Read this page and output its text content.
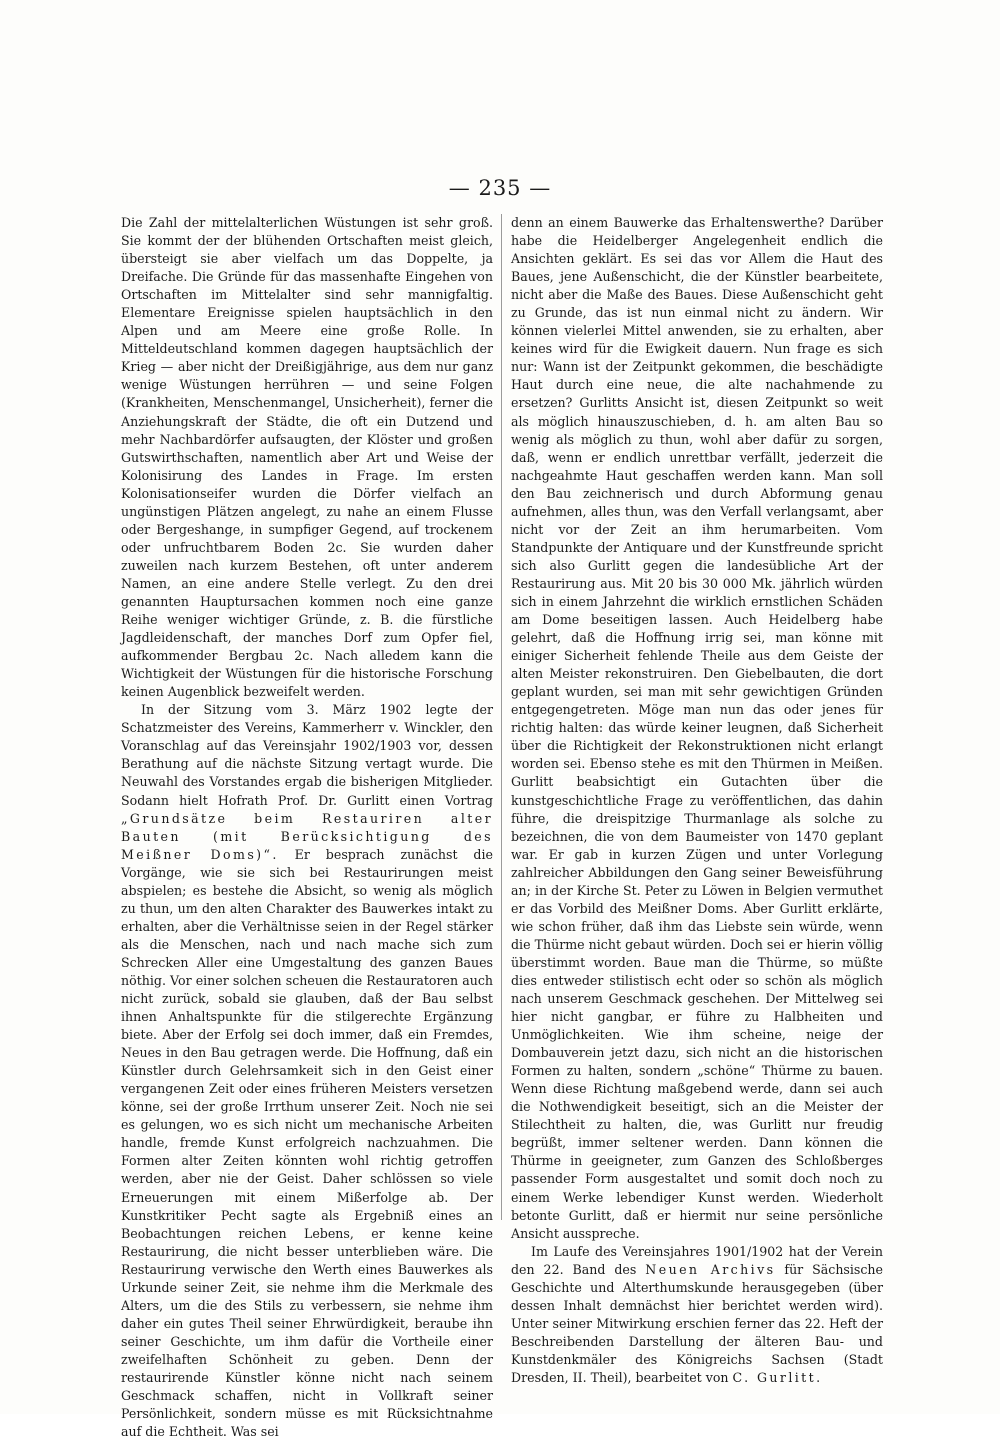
— 235 —

Die Zahl der mittelalterlichen Wüstungen ist sehr groß. Sie kommt der der blühenden Ortschaften meist gleich, übersteigt sie aber vielfach um das Doppelte, ja Dreifache. Die Gründe für das massenhafte Eingehen von Ortschaften im Mittelalter sind sehr mannigfaltig. Elementare Ereignisse spielen hauptsächlich in den Alpen und am Meere eine große Rolle. In Mitteldeutschland kommen dagegen hauptsächlich der Krieg — aber nicht der Dreißigjährige, aus dem nur ganz wenige Wüstungen herrühren — und seine Folgen (Krankheiten, Menschenmangel, Unsicherheit), ferner die Anziehungskraft der Städte, die oft ein Dutzend und mehr Nachbardörfer aufsaugten, der Klöster und großen Gutswirthschaften, namentlich aber Art und Weise der Kolonisirung des Landes in Frage. Im ersten Kolonisationseifer wurden die Dörfer vielfach an ungünstigen Plätzen angelegt, zu nahe an einem Flusse oder Bergeshange, in sumpfiger Gegend, auf trockenem oder unfruchtbarem Boden 2c. Sie wurden daher zuweilen nach kurzem Bestehen, oft unter anderem Namen, an eine andere Stelle verlegt. Zu den drei genannten Hauptursachen kommen noch eine ganze Reihe weniger wichtiger Gründe, z. B. die fürstliche Jagdleidenschaft, der manches Dorf zum Opfer fiel, aufkommender Bergbau 2c. Nach alledem kann die Wichtigkeit der Wüstungen für die historische Forschung keinen Augenblick bezweifelt werden.

In der Sitzung vom 3. März 1902 legte der Schatzmeister des Vereins, Kammerherr v. Winckler, den Voranschlag auf das Vereinsjahr 1902/1903 vor, dessen Berathung auf die nächste Sitzung vertagt wurde. Die Neuwahl des Vorstandes ergab die bisherigen Mitglieder. Sodann hielt Hofrath Prof. Dr. Gurlitt einen Vortrag „Grundsätze beim Restauriren alter Bauten (mit Berücksichtigung des Meißner Doms)“. Er besprach zunächst die Vorgänge, wie sie sich bei Restaurirungen meist abspielen; es bestehe die Absicht, so wenig als möglich zu thun, um den alten Charakter des Bauwerkes intakt zu erhalten, aber die Verhältnisse seien in der Regel stärker als die Menschen, nach und nach mache sich zum Schrecken Aller eine Umgestaltung des ganzen Baues nöthig. Vor einer solchen scheuen die Restauratoren auch nicht zurück, sobald sie glauben, daß der Bau selbst ihnen Anhaltspunkte für die stilgerechte Ergänzung biete. Aber der Erfolg sei doch immer, daß ein Fremdes, Neues in den Bau getragen werde. Die Hoffnung, daß ein Künstler durch Gelehrsamkeit sich in den Geist einer vergangenen Zeit oder eines früheren Meisters versetzen könne, sei der große Irrthum unserer Zeit. Noch nie sei es gelungen, wo es sich nicht um mechanische Arbeiten handle, fremde Kunst erfolgreich nachzuahmen. Die Formen alter Zeiten könnten wohl richtig getroffen werden, aber nie der Geist. Daher schlössen so viele Erneuerungen mit einem Mißerfolge ab. Der Kunstkritiker Pecht sagte als Ergebniß eines an Beobachtungen reichen Lebens, er kenne keine Restaurirung, die nicht besser unterblieben wäre. Die Restaurirung verwische den Werth eines Bauwerkes als Urkunde seiner Zeit, sie nehme ihm die Merkmale des Alters, um die des Stils zu verbessern, sie nehme ihm daher ein gutes Theil seiner Ehrwürdigkeit, beraube ihn seiner Geschichte, um ihm dafür die Vortheile einer zweifelhaften Schönheit zu geben. Denn der restaurirende Künstler könne nicht nach seinem Geschmack schaffen, nicht in Vollkraft seiner Persönlichkeit, sondern müsse es mit Rücksichtnahme auf die Echtheit. Was sei

denn an einem Bauwerke das Erhaltenswerthe? Darüber habe die Heidelberger Angelegenheit endlich die Ansichten geklärt. Es sei das vor Allem die Haut des Baues, jene Außenschicht, die der Künstler bearbeitete, nicht aber die Maße des Baues. Diese Außenschicht geht zu Grunde, das ist nun einmal nicht zu ändern. Wir können vielerlei Mittel anwenden, sie zu erhalten, aber keines wird für die Ewigkeit dauern. Nun frage es sich nur: Wann ist der Zeitpunkt gekommen, die beschädigte Haut durch eine neue, die alte nachahmende zu ersetzen? Gurlitts Ansicht ist, diesen Zeitpunkt so weit als möglich hinauszuschieben, d. h. am alten Bau so wenig als möglich zu thun, wohl aber dafür zu sorgen, daß, wenn er endlich unrettbar verfällt, jederzeit die nachgeahmte Haut geschaffen werden kann. Man soll den Bau zeichnerisch und durch Abformung genau aufnehmen, alles thun, was den Verfall verlangsamt, aber nicht vor der Zeit an ihm herumarbeiten. Vom Standpunkte der Antiquare und der Kunstfreunde spricht sich also Gurlitt gegen die landesübliche Art der Restaurirung aus. Mit 20 bis 30 000 Mk. jährlich würden sich in einem Jahrzehnt die wirklich ernstlichen Schäden am Dome beseitigen lassen. Auch Heidelberg habe gelehrt, daß die Hoffnung irrig sei, man könne mit einiger Sicherheit fehlende Theile aus dem Geiste der alten Meister rekonstruiren. Den Giebelbauten, die dort geplant wurden, sei man mit sehr gewichtigen Gründen entgegengetreten. Möge man nun das oder jenes für richtig halten: das würde keiner leugnen, daß Sicherheit über die Richtigkeit der Rekonstruktionen nicht erlangt worden sei. Ebenso stehe es mit den Thürmen in Meißen. Gurlitt beabsichtigt ein Gutachten über die kunstgeschichtliche Frage zu veröffentlichen, das dahin führe, die dreispitzige Thurmanlage als solche zu bezeichnen, die von dem Baumeister von 1470 geplant war. Er gab in kurzen Zügen und unter Vorlegung zahlreicher Abbildungen den Gang seiner Beweisführung an; in der Kirche St. Peter zu Löwen in Belgien vermuthet er das Vorbild des Meißner Doms. Aber Gurlitt erklärte, wie schon früher, daß ihm das Liebste sein würde, wenn die Thürme nicht gebaut würden. Doch sei er hierin völlig überstimmt worden. Baue man die Thürme, so müßte dies entweder stilistisch echt oder so schön als möglich nach unserem Geschmack geschehen. Der Mittelweg sei hier nicht gangbar, er führe zu Halbheiten und Unmöglichkeiten. Wie ihm scheine, neige der Dombauverein jetzt dazu, sich nicht an die historischen Formen zu halten, sondern „schöne“ Thürme zu bauen. Wenn diese Richtung maßgebend werde, dann sei auch die Nothwendigkeit beseitigt, sich an die Meister der Stilechtheit zu halten, die, was Gurlitt nur freudig begrüßt, immer seltener werden. Dann können die Thürme in geeigneter, zum Ganzen des Schloßberges passender Form ausgestaltet und somit doch noch zu einem Werke lebendiger Kunst werden. Wiederholt betonte Gurlitt, daß er hiermit nur seine persönliche Ansicht ausspreche.

Im Laufe des Vereinsjahres 1901/1902 hat der Verein den 22. Band des Neuen Archivs für Sächsische Geschichte und Alterthumskunde herausgegeben (über dessen Inhalt demnächst hier berichtet werden wird). Unter seiner Mitwirkung erschien ferner das 22. Heft der Beschreibenden Darstellung der älteren Bau- und Kunstdenkmäler des Königreichs Sachsen (Stadt Dresden, II. Theil), bearbeitet von C. Gurlitt.
